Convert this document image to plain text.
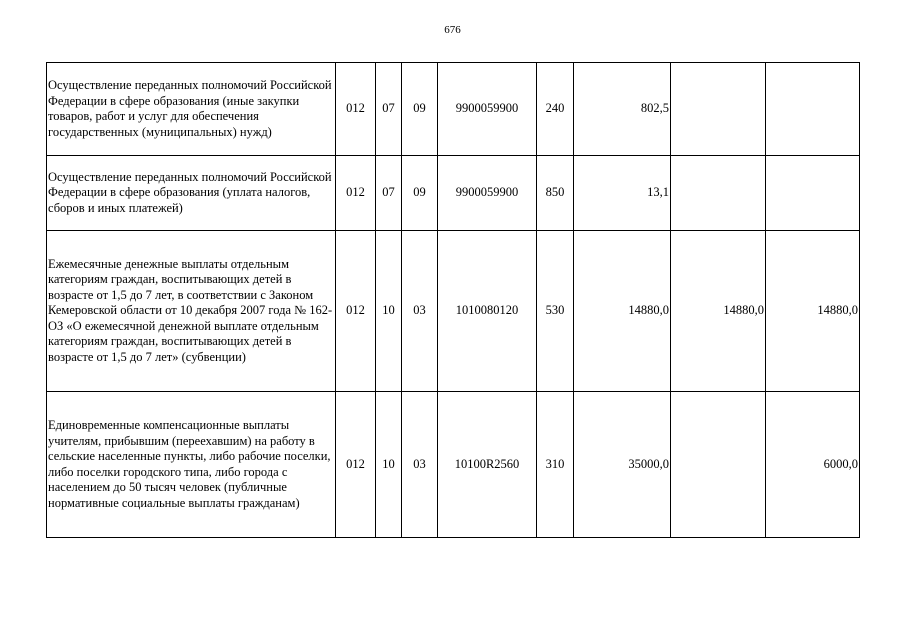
676
Осуществление переданных полномочий Российской Федерации в сфере образования (иные закупки товаров, работ и услуг для обеспечения государственных (муниципальных) нужд)	012	07	09	9900059900	240	802,5		
Осуществление переданных полномочий Российской Федерации в сфере образования (уплата налогов, сборов и иных платежей)	012	07	09	9900059900	850	13,1		
Ежемесячные денежные выплаты отдельным категориям граждан, воспитывающих детей в возрасте от 1,5 до 7 лет, в соответствии с Законом Кемеровской области от 10 декабря 2007 года № 162-ОЗ «О ежемесячной денежной выплате отдельным категориям граждан, воспитывающих детей в возрасте от 1,5 до 7 лет» (субвенции)	012	10	03	1010080120	530	14880,0	14880,0	14880,0
Единовременные компенсационные выплаты учителям, прибывшим (переехавшим) на работу в сельские населенные пункты, либо рабочие поселки, либо поселки городского типа, либо города с населением до 50 тысяч человек (публичные нормативные социальные выплаты гражданам)	012	10	03	10100R2560	310	35000,0		6000,0
